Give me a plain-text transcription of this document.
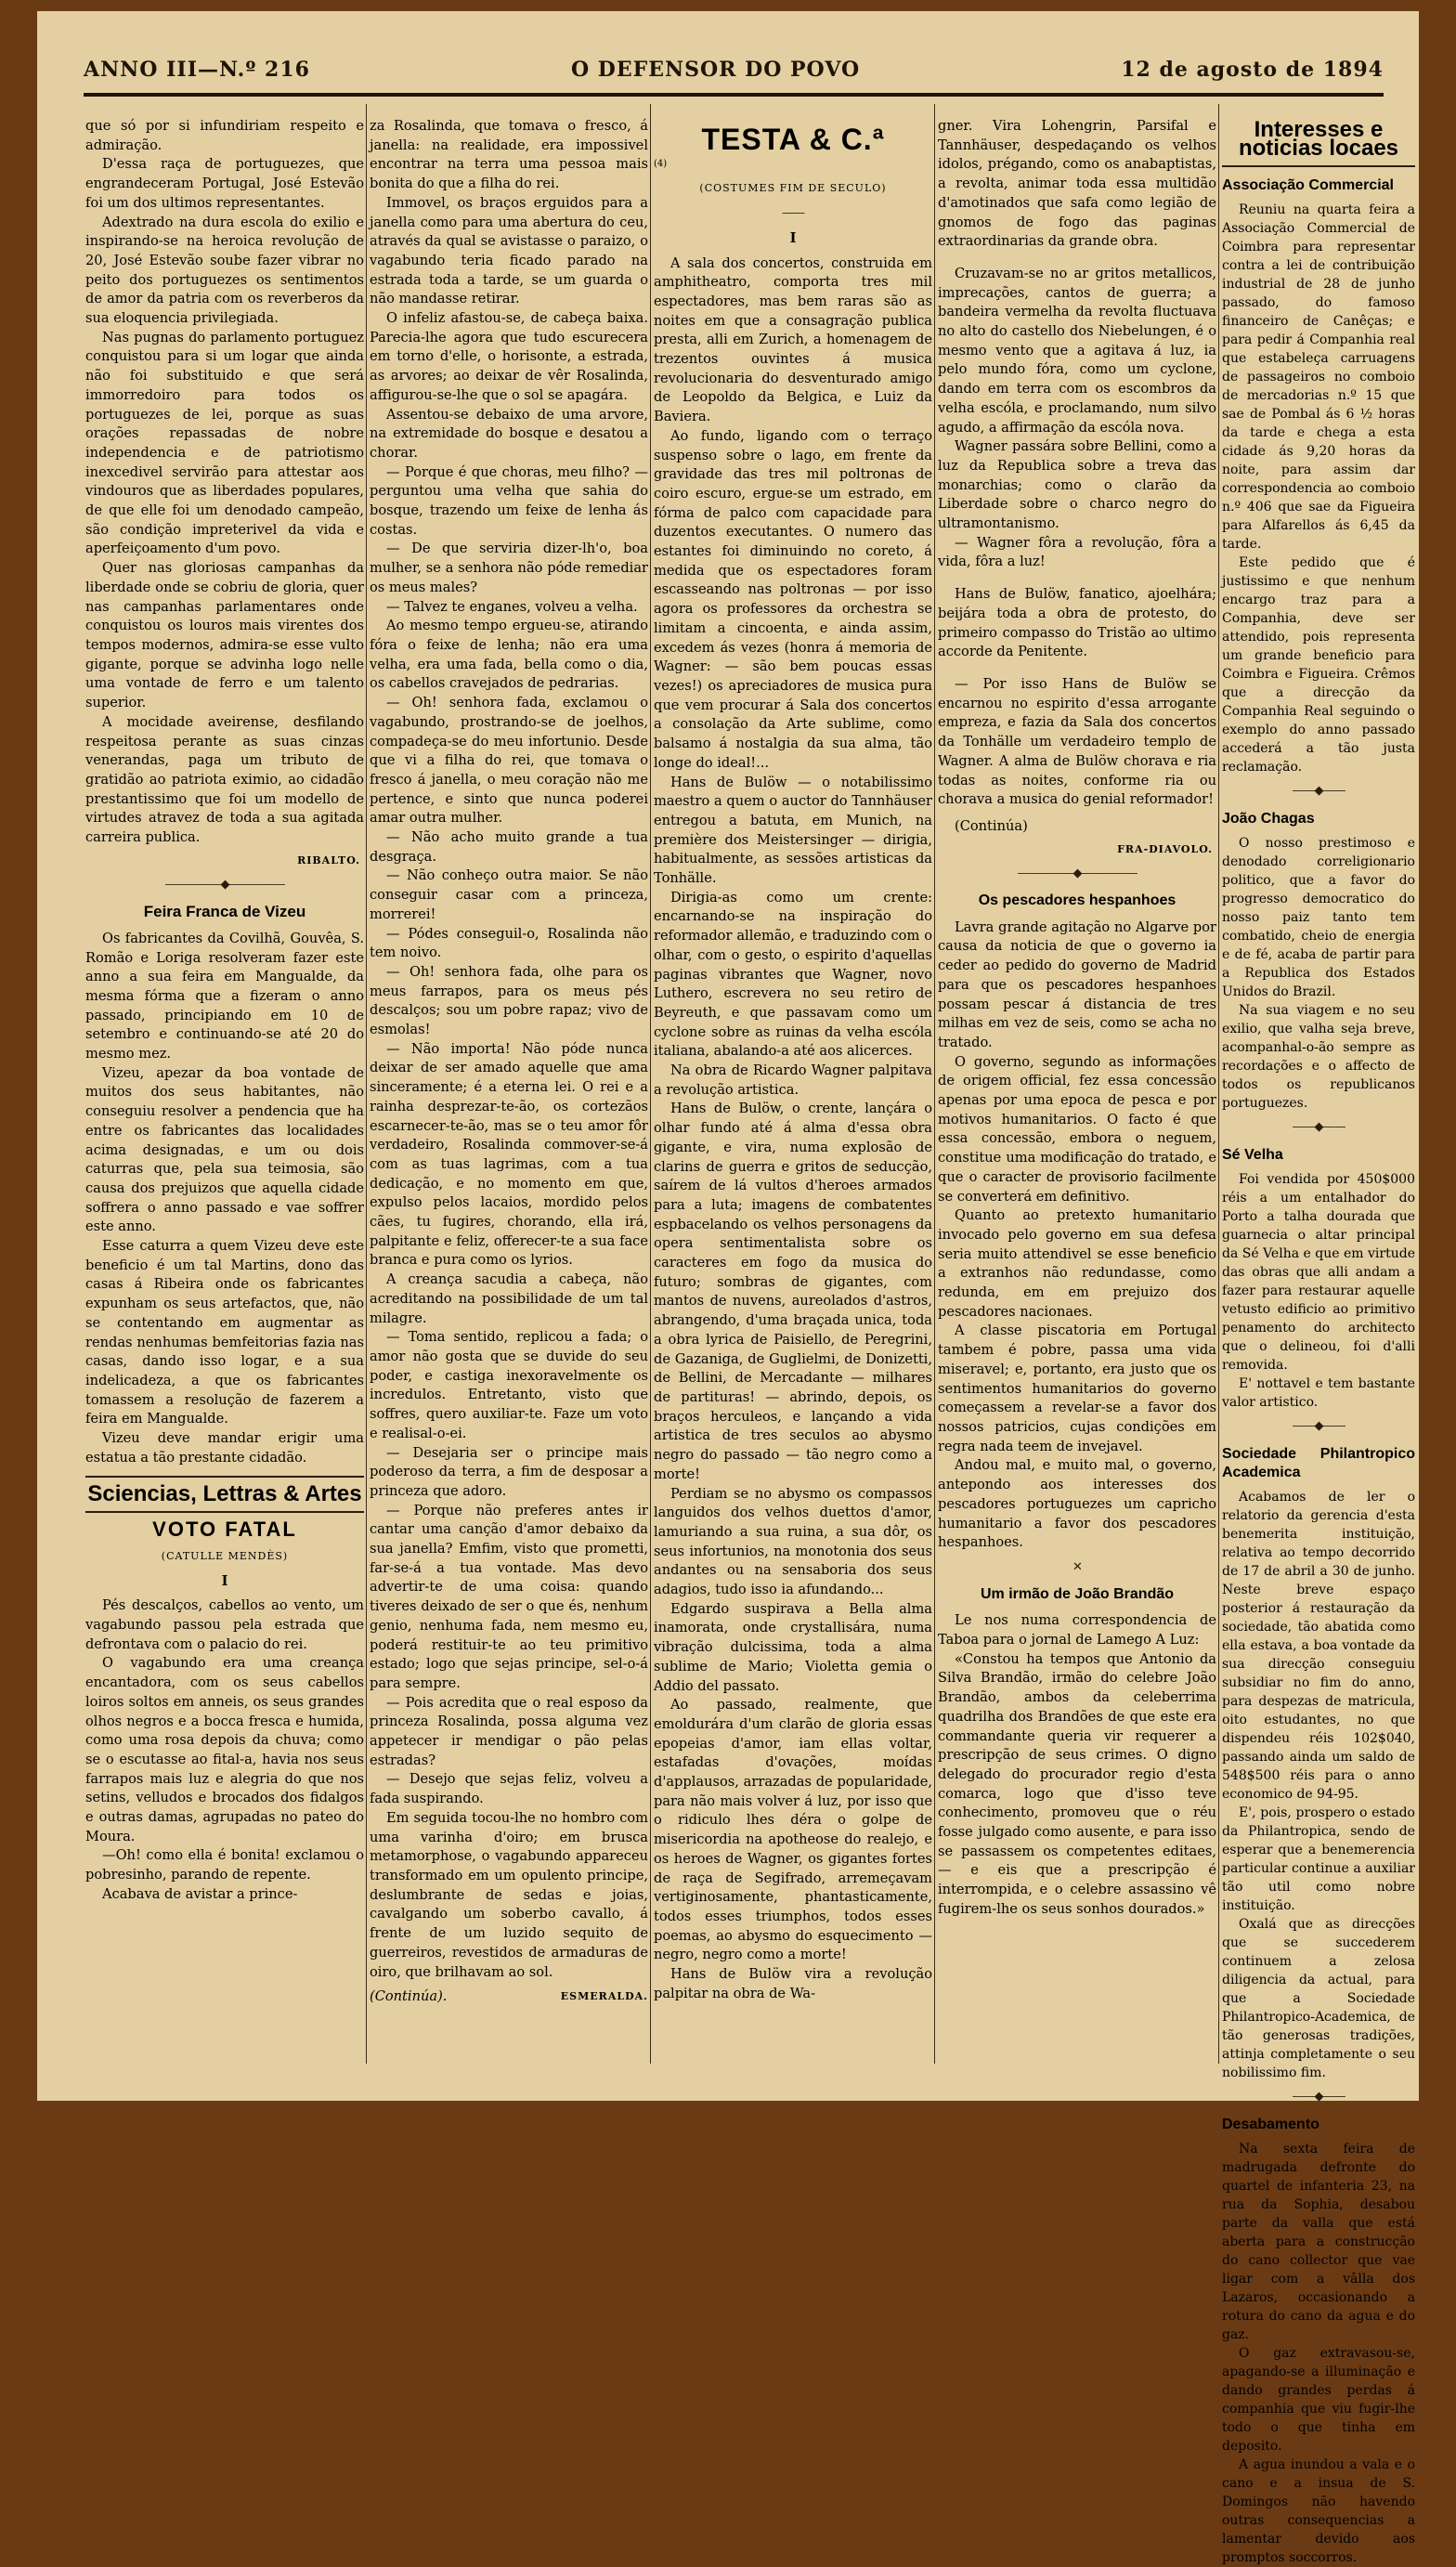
ANNO III—N.º 216	O DEFENSOR DO POVO	12 de agosto de 1894

que só por si infundiriam respeito e admiração.

D'essa raça de portuguezes, que engrandeceram Portugal, José Estevão foi um dos ultimos representantes.

Adextrado na dura escola do exilio e inspirando-se na heroica revolução de 20, José Estevão soube fazer vibrar no peito dos portuguezes os sentimentos de amor da patria com os reverberos da sua eloquencia privilegiada.

Nas pugnas do parlamento portuguez conquistou para si um logar que ainda não foi substituido e que será immorredoiro para todos os portuguezes de lei, porque as suas orações repassadas de nobre independencia e de patriotismo inexcedivel servirão para attestar aos vindouros que as liberdades populares, de que elle foi um denodado campeão, são condição impreterivel da vida e aperfeiçoamento d'um povo.

Quer nas gloriosas campanhas da liberdade onde se cobriu de gloria, quer nas campanhas parlamentares onde conquistou os louros mais virentes dos tempos modernos, admira-se esse vulto gigante, porque se advinha logo nelle uma vontade de ferro e um talento superior.

A mocidade aveirense, desfilando respeitosa perante as suas cinzas venerandas, paga um tributo de gratidão ao patriota eximio, ao cidadão prestantissimo que foi um modello de virtudes atravez de toda a sua agitada carreira publica.

RIBALTO.
—————◆—————
Feira Franca de Vizeu

Os fabricantes da Covilhã, Gouvêa, S. Romão e Loriga resolveram fazer este anno a sua feira em Mangualde, da mesma fórma que a fizeram o anno passado, principiando em 10 de setembro e continuando-se até 20 do mesmo mez.

Vizeu, apezar da boa vontade de muitos dos seus habitantes, não conseguiu resolver a pendencia que ha entre os fabricantes das localidades acima designadas, e um ou dois caturras que, pela sua teimosia, são causa dos prejuizos que aquella cidade soffrera o anno passado e vae soffrer este anno.

Esse caturra a quem Vizeu deve este beneficio é um tal Martins, dono das casas á Ribeira onde os fabricantes expunham os seus artefactos, que, não se contentando em augmentar as rendas nenhumas bemfeitorias fazia nas casas, dando isso logar, e a sua indelicadeza, a que os fabricantes tomassem a resolução de fazerem a feira em Mangualde.

Vizeu deve mandar erigir uma estatua a tão prestante cidadão.

Sciencias, Lettras & Artes
VOTO FATAL
(CATULLE MENDÈS)
I

Pés descalços, cabellos ao vento, um vagabundo passou pela estrada que defrontava com o palacio do rei.

O vagabundo era uma creança encantadora, com os seus cabellos loiros soltos em anneis, os seus grandes olhos negros e a bocca fresca e humida, como uma rosa depois da chuva; como se o escutasse ao fital-a, havia nos seus farrapos mais luz e alegria do que nos setins, velludos e brocados dos fidalgos e outras damas, agrupadas no pateo do Moura.

—Oh! como ella é bonita! exclamou o pobresinho, parando de repente.

Acabava de avistar a prince-

za Rosalinda, que tomava o fresco, á janella: na realidade, era impossivel encontrar na terra uma pessoa mais bonita do que a filha do rei.

Immovel, os braços erguidos para a janella como para uma abertura do ceu, através da qual se avistasse o paraizo, o vagabundo teria ficado parado na estrada toda a tarde, se um guarda o não mandasse retirar.

O infeliz afastou-se, de cabeça baixa. Parecia-lhe agora que tudo escurecera em torno d'elle, o horisonte, a estrada, as arvores; ao deixar de vêr Rosalinda, affigurou-se-lhe que o sol se apagára.

Assentou-se debaixo de uma arvore, na extremidade do bosque e desatou a chorar.

— Porque é que choras, meu filho? — perguntou uma velha que sahia do bosque, trazendo um feixe de lenha ás costas.

— De que serviria dizer-lh'o, boa mulher, se a senhora não póde remediar os meus males?

— Talvez te enganes, volveu a velha.

Ao mesmo tempo ergueu-se, atirando fóra o feixe de lenha; não era uma velha, era uma fada, bella como o dia, os cabellos cravejados de pedrarias.

— Oh! senhora fada, exclamou o vagabundo, prostrando-se de joelhos, compadeça-se do meu infortunio. Desde que vi a filha do rei, que tomava o fresco á janella, o meu coração não me pertence, e sinto que nunca poderei amar outra mulher.

— Não acho muito grande a tua desgraça.

— Não conheço outra maior. Se não conseguir casar com a princeza, morrerei!

— Pódes conseguil-o, Rosalinda não tem noivo.

— Oh! senhora fada, olhe para os meus farrapos, para os meus pés descalços; sou um pobre rapaz; vivo de esmolas!

— Não importa! Não póde nunca deixar de ser amado aquelle que ama sinceramente; é a eterna lei. O rei e a rainha desprezar-te-ão, os cortezãos escarnecer-te-ão, mas se o teu amor fôr verdadeiro, Rosalinda commover-se-á com as tuas lagrimas, com a tua dedicação, e no momento em que, expulso pelos lacaios, mordido pelos cães, tu fugires, chorando, ella irá, palpitante e feliz, offerecer-te a sua face branca e pura como os lyrios.

A creança sacudia a cabeça, não acreditando na possibilidade de um tal milagre.

— Toma sentido, replicou a fada; o amor não gosta que se duvide do seu poder, e castiga inexoravelmente os incredulos. Entretanto, visto que soffres, quero auxiliar-te. Faze um voto e realisal-o-ei.

— Desejaria ser o principe mais poderoso da terra, a fim de desposar a princeza que adoro.

— Porque não preferes antes ir cantar uma canção d'amor debaixo da sua janella? Emfim, visto que prometti, far-se-á a tua vontade. Mas devo advertir-te de uma coisa: quando tiveres deixado de ser o que és, nenhum genio, nenhuma fada, nem mesmo eu, poderá restituir-te ao teu primitivo estado; logo que sejas principe, sel-o-á para sempre.

— Pois acredita que o real esposo da princeza Rosalinda, possa alguma vez appetecer ir mendigar o pão pelas estradas?

— Desejo que sejas feliz, volveu a fada suspirando.

Em seguida tocou-lhe no hombro com uma varinha d'oiro; em brusca metamorphose, o vagabundo appareceu transformado em um opulento principe, deslumbrante de sedas e joias, cavalgando um soberbo cavallo, á frente de um luzido sequito de guerreiros, revestidos de armaduras de oiro, que brilhavam ao sol.

(Continúa).	ESMERALDA.
TESTA & C.ª
(4)
(COSTUMES FIM DE SECULO)
——
I

A sala dos concertos, construida em amphitheatro, comporta tres mil espectadores, mas bem raras são as noites em que a consagração publica presta, alli em Zurich, a homenagem de trezentos ouvintes á musica revolucionaria do desventurado amigo de Leopoldo da Belgica, e Luiz da Baviera.

Ao fundo, ligando com o terraço suspenso sobre o lago, em frente da gravidade das tres mil poltronas de coiro escuro, ergue-se um estrado, em fórma de palco com capacidade para duzentos executantes. O numero das estantes foi diminuindo no coreto, á medida que os espectadores foram escasseando nas poltronas — por isso agora os professores da orchestra se limitam a cincoenta, e ainda assim, excedem ás vezes (honra á memoria de Wagner: — são bem poucas essas vezes!) os apreciadores de musica pura que vem procurar á Sala dos concertos a consolação da Arte sublime, como balsamo á nostalgia da sua alma, tão longe do ideal!...

Hans de Bulöw — o notabilissimo maestro a quem o auctor do Tannhäuser entregou a batuta, em Munich, na première dos Meistersinger — dirigia, habitualmente, as sessões artisticas da Tonhälle.

Dirigia-as como um crente: encarnando-se na inspiração do reformador allemão, e traduzindo com o olhar, com o gesto, o espirito d'aquellas paginas vibrantes que Wagner, novo Luthero, escrevera no seu retiro de Beyreuth, e que passavam como um cyclone sobre as ruinas da velha escóla italiana, abalando-a até aos alicerces.

Na obra de Ricardo Wagner palpitava a revolução artistica.

Hans de Bulöw, o crente, lançára o olhar fundo até á alma d'essa obra gigante, e vira, numa explosão de clarins de guerra e gritos de seducção, saírem de lá vultos d'heroes armados para a luta; imagens de combatentes espbacelando os velhos personagens da opera sentimentalista sobre os caracteres em fogo da musica do futuro; sombras de gigantes, com mantos de nuvens, aureolados d'astros, abrangendo, d'uma braçada unica, toda a obra lyrica de Paisiello, de Peregrini, de Gazaniga, de Guglielmi, de Donizetti, de Bellini, de Mercadante — milhares de partituras! — abrindo, depois, os braços herculeos, e lançando a vida artistica de tres seculos ao abysmo negro do passado — tão negro como a morte!

Perdiam se no abysmo os compassos languidos dos velhos duettos d'amor, lamuriando a sua ruina, a sua dôr, os seus infortunios, na monotonia dos seus andantes ou na sensaboria dos seus adagios, tudo isso ia afundando...

Edgardo suspirava a Bella alma inamorata, onde crystallisára, numa vibração dulcissima, toda a alma sublime de Mario; Violetta gemia o Addio del passato.

Ao passado, realmente, que emoldurára d'um clarão de gloria essas epopeias d'amor, iam ellas voltar, estafadas d'ovações, moídas d'applausos, arrazadas de popularidade, para não mais volver á luz, por isso que o ridiculo lhes déra o golpe de misericordia na apotheose do realejo, e os heroes de Wagner, os gigantes fortes de raça de Segifrado, arremeçavam vertiginosamente, phantasticamente, todos esses triumphos, todos esses poemas, ao abysmo do esquecimento — negro, negro como a morte!

Hans de Bulöw vira a revolução palpitar na obra de Wa-

gner. Vira Lohengrin, Parsifal e Tannhäuser, despedaçando os velhos idolos, prégando, como os anabaptistas, a revolta, animar toda essa multidão d'amotinados que safa como legião de gnomos de fogo das paginas extraordinarias da grande obra.

Cruzavam-se no ar gritos metallicos, imprecações, cantos de guerra; a bandeira vermelha da revolta fluctuava no alto do castello dos Niebelungen, é o mesmo vento que a agitava á luz, ia pelo mundo fóra, como um cyclone, dando em terra com os escombros da velha escóla, e proclamando, num silvo agudo, a affirmação da escóla nova.

Wagner passára sobre Bellini, como a luz da Republica sobre a treva das monarchias; como o clarão da Liberdade sobre o charco negro do ultramontanismo.

— Wagner fôra a revolução, fôra a vida, fôra a luz!

Hans de Bulöw, fanatico, ajoelhára; beijára toda a obra de protesto, do primeiro compasso do Tristão ao ultimo accorde da Penitente.

— Por isso Hans de Bulöw se encarnou no espirito d'essa arrogante empreza, e fazia da Sala dos concertos da Tonhälle um verdadeiro templo de Wagner. A alma de Bulöw chorava e ria todas as noites, conforme ria ou chorava a musica do genial reformador!

(Continúa)

FRA-DIAVOLO.
—————◆—————
Os pescadores hespanhoes

Lavra grande agitação no Algarve por causa da noticia de que o governo ia ceder ao pedido do governo de Madrid para que os pescadores hespanhoes possam pescar á distancia de tres milhas em vez de seis, como se acha no tratado.

O governo, segundo as informações de origem official, fez essa concessão apenas por uma epoca de pesca e por motivos humanitarios. O facto é que essa concessão, embora o neguem, constitue uma modificação do tratado, e que o caracter de provisorio facilmente se converterá em definitivo.

Quanto ao pretexto humanitario invocado pelo governo em sua defesa seria muito attendivel se esse beneficio a extranhos não redundasse, como redunda, em em prejuizo dos pescadores nacionaes.

A classe piscatoria em Portugal tambem é pobre, passa uma vida miseravel; e, portanto, era justo que os sentimentos humanitarios do governo começassem a revelar-se a favor dos nossos patricios, cujas condições em regra nada teem de invejavel.

Andou mal, e muito mal, o governo, antepondo aos interesses dos pescadores portuguezes um capricho humanitario a favor dos pescadores hespanhoes.

✕
Um irmão de João Brandão

Le nos numa correspondencia de Taboa para o jornal de Lamego A Luz:

«Constou ha tempos que Antonio da Silva Brandão, irmão do celebre João Brandão, ambos da celeberrima quadrilha dos Brandões de que este era commandante queria vir requerer a prescripção de seus crimes. O digno delegado do procurador regio d'esta comarca, logo que d'isso teve conhecimento, promoveu que o réu fosse julgado como ausente, e para isso se passassem os competentes editaes, — e eis que a prescripção é interrompida, e o celebre assassino vê fugirem-lhe os seus sonhos dourados.»

Interesses e noticias locaes
Associação Commercial

Reuniu na quarta feira a Associação Commercial de Coimbra para representar contra a lei de contribuição industrial de 28 de junho passado, do famoso financeiro de Canêças; e para pedir á Companhia real que estabeleça carruagens de passageiros no comboio de mercadorias n.º 15 que sae de Pombal ás 6 ½ horas da tarde e chega a esta cidade ás 9,20 horas da noite, para assim dar correspondencia ao comboio n.º 406 que sae da Figueira para Alfarellos ás 6,45 da tarde.

Este pedido que é justissimo e que nenhum encargo traz para a Companhia, deve ser attendido, pois representa um grande beneficio para Coimbra e Figueira. Crêmos que a direcção da Companhia Real seguindo o exemplo do anno passado accederá a tão justa reclamação.

——◆——
João Chagas

O nosso prestimoso e denodado correligionario politico, que a favor do progresso democratico do nosso paiz tanto tem combatido, cheio de energia e de fé, acaba de partir para a Republica dos Estados Unidos do Brazil.

Na sua viagem e no seu exilio, que valha seja breve, acompanhal-o-ão sempre as recordações e o affecto de todos os republicanos portuguezes.

——◆——
Sé Velha

Foi vendida por 450$000 réis a um entalhador do Porto a talha dourada que guarnecia o altar principal da Sé Velha e que em virtude das obras que alli andam a fazer para restaurar aquelle vetusto edificio ao primitivo penamento do architecto que o delineou, foi d'alli removida.

E' nottavel e tem bastante valor artistico.

——◆——
Sociedade Philantropico Academica

Acabamos de ler o relatorio da gerencia d'esta benemerita instituição, relativa ao tempo decorrido de 17 de abril a 30 de junho. Neste breve espaço posterior á restauração da sociedade, tão abatida como ella estava, a boa vontade da sua direcção conseguiu subsidiar no fim do anno, para despezas de matricula, oito estudantes, no que dispendeu réis 102$040, passando ainda um saldo de 548$500 réis para o anno economico de 94-95.

E', pois, prospero o estado da Philantropica, sendo de esperar que a benemerencia particular continue a auxiliar tão util como nobre instituição.

Oxalá que as direcções que se succederem continuem a zelosa diligencia da actual, para que a Sociedade Philantropico-Academica, de tão generosas tradições, attinja completamente o seu nobilissimo fim.

——◆——
Desabamento

Na sexta feira de madrugada defronte do quartel de infanteria 23, na rua da Sophia, desabou parte da valla que está aberta para a construcção do cano collector que vae ligar com a vâlla dos Lazaros, occasionando a rotura do cano da agua e do gaz.

O gaz extravasou-se, apagando-se a illuminação e dando grandes perdas á companhia que viu fugir-lhe todo o que tinha em deposito.

A agua inundou a vala e o cano e a insua de S. Domingos não havendo outras consequencias a lamentar devido aos promptos soccorros.
